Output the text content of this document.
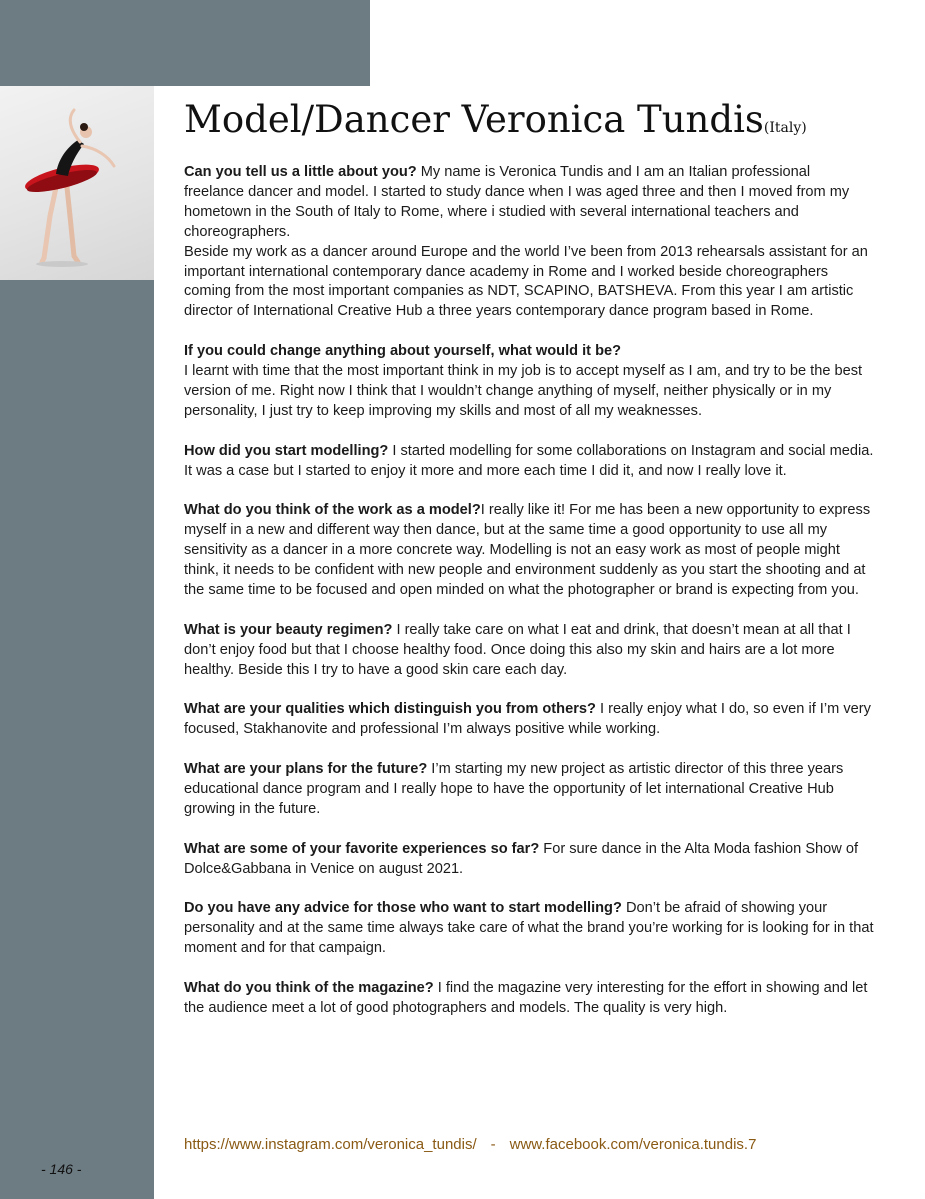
Model/Dancer Veronica Tundis(Italy)

Can you tell us a little about you? My name is Veronica Tundis and I am an Italian professional freelance dancer and model. I started to study dance when I was aged three and then I moved from my hometown in the South of Italy to Rome, where i studied with several international teachers and choreographers.
Beside my work as a dancer around Europe and the world I’ve been from 2013 rehearsals assistant for an important international contemporary dance academy in Rome and I worked beside choreographers coming from the most important companies as NDT, SCAPINO, BATSHEVA. From this year I am artistic director of International Creative Hub a three years contemporary dance program based in Rome.

If you could change anything about yourself, what would it be?
I learnt with time that the most important think in my job is to accept myself as I am, and try to be the best version of me. Right now I think that I wouldn’t change anything of myself, neither physically or in my personality, I just try to keep improving my skills and most of all my weaknesses.

How did you start modelling? I started modelling for some collaborations on Instagram and social media. It was a case but I started to enjoy it more and more each time I did it, and now I really love it.

What do you think of the work as a model?I really like it! For me has been a new opportunity to express myself in a new and different way then dance, but at the same time a good opportunity to use all my sensitivity as a dancer in a more concrete way. Modelling is not an easy work as most of people might think, it needs to be confident with new people and environment suddenly as you start the shooting and at the same time to be focused and open minded on what the photographer or brand is expecting from you.

What is your beauty regimen? I really take care on what I eat and drink, that doesn’t mean at all that I don’t enjoy food but that I choose healthy food. Once doing this also my skin and hairs are a lot more healthy. Beside this I try to have a good skin care each day.

What are your qualities which distinguish you from others? I really enjoy what I do, so even if I’m very focused, Stakhanovite and professional I’m always positive while working.

What are your plans for the future? I’m starting my new project as artistic director of this three years educational dance program and I really hope to have the opportunity of let international Creative Hub growing in the future.

What are some of your favorite experiences so far? For sure dance in the Alta Moda fashion Show of Dolce&Gabbana in Venice on august 2021.

Do you have any advice for those who want to start modelling? Don’t be afraid of showing your personality and at the same time always take care of what the brand you’re working for is looking for in that moment and for that campaign.

What do you think of the magazine? I find the magazine very interesting for the effort in showing and let the audience meet a lot of good photographers and models. The quality is very high.

https://www.instagram.com/veronica_tundis/ - www.facebook.com/veronica.tundis.7
- 146 -
